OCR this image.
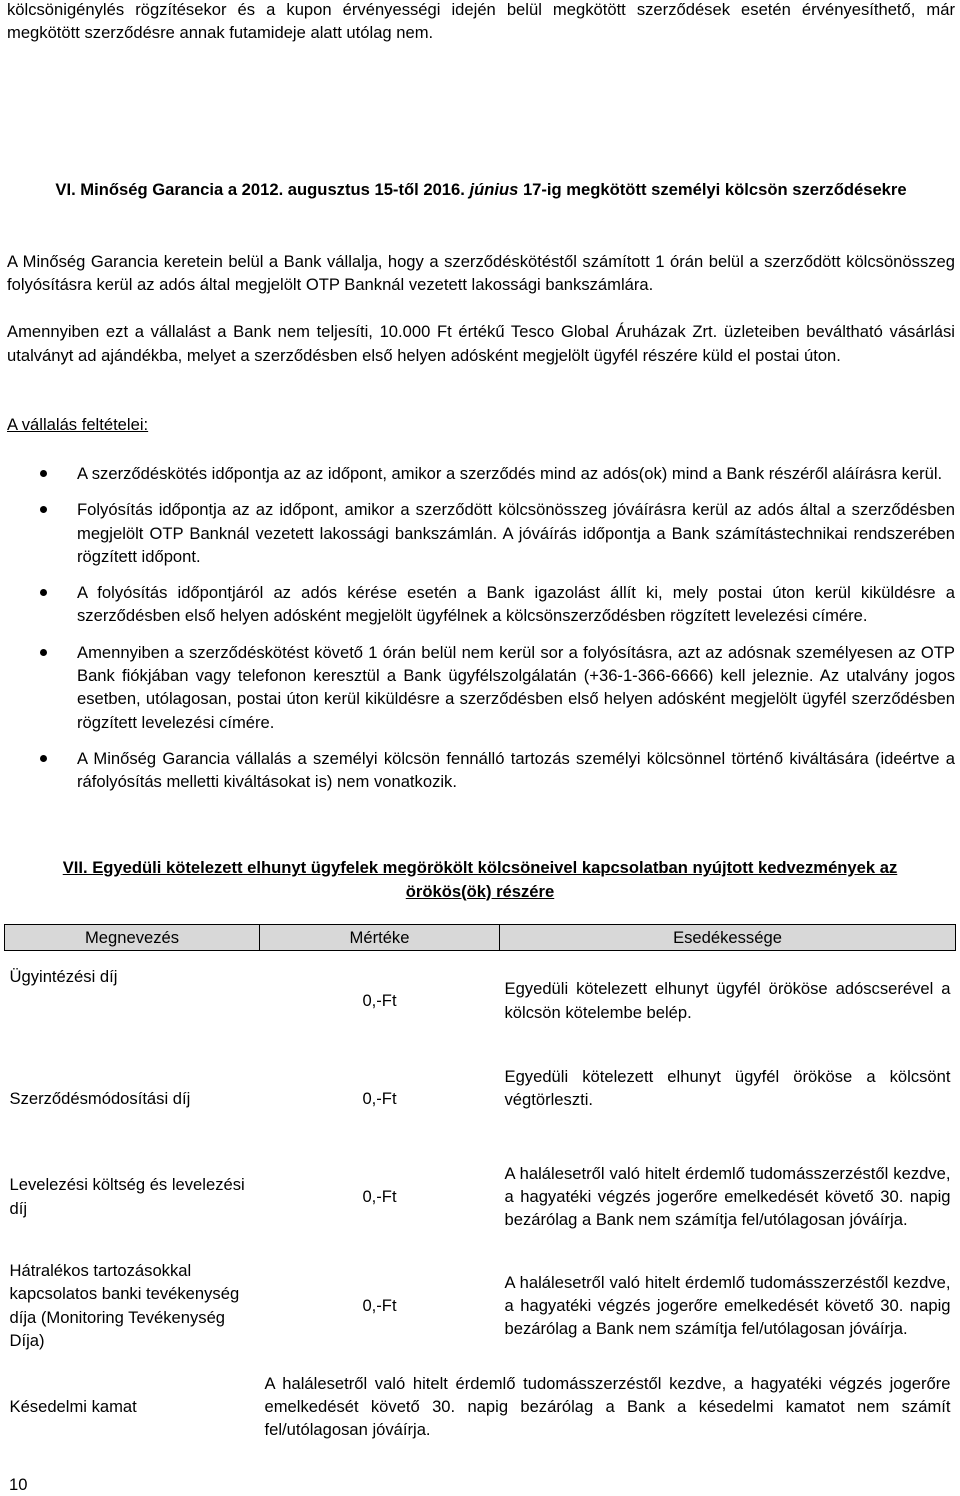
kölcsönigénylés rögzítésekor és a kupon érvényességi idején belül megkötött szerződések esetén érvényesíthető, már megkötött szerződésre annak futamideje alatt utólag nem.
VI. Minőség Garancia a 2012. augusztus 15-től 2016. június 17-ig megkötött személyi kölcsön szerződésekre
A Minőség Garancia keretein belül a Bank vállalja, hogy a szerződéskötéstől számított 1 órán belül a szerződött kölcsönösszeg folyósításra kerül az adós által megjelölt OTP Banknál vezetett lakossági bankszámlára.
Amennyiben ezt a vállalást a Bank nem teljesíti, 10.000 Ft értékű Tesco Global Áruházak Zrt. üzleteiben beváltható vásárlási utalványt ad ajándékba, melyet a szerződésben első helyen adósként megjelölt ügyfél részére küld el postai úton.
A vállalás feltételei:
A szerződéskötés időpontja az az időpont, amikor a szerződés mind az adós(ok) mind a Bank részéről aláírásra kerül.
Folyósítás időpontja az az időpont, amikor a szerződött kölcsönösszeg jóváírásra kerül az adós által a szerződésben megjelölt OTP Banknál vezetett lakossági bankszámlán. A jóváírás időpontja a Bank számítástechnikai rendszerében rögzített időpont.
A folyósítás időpontjáról az adós kérése esetén a Bank igazolást állít ki, mely postai úton kerül kiküldésre a szerződésben első helyen adósként megjelölt ügyfélnek a kölcsönszerződésben rögzített levelezési címére.
Amennyiben a szerződéskötést követő 1 órán belül nem kerül sor a folyósításra, azt az adósnak személyesen az OTP Bank fiókjában vagy telefonon keresztül a Bank ügyfélszolgálatán (+36-1-366-6666) kell jeleznie. Az utalvány jogos esetben, utólagosan, postai úton kerül kiküldésre a szerződésben első helyen adósként megjelölt ügyfél szerződésben rögzített levelezési címére.
A Minőség Garancia vállalás a személyi kölcsön fennálló tartozás személyi kölcsönnel történő kiváltására (ideértve a ráfolyósítás melletti kiváltásokat is) nem vonatkozik.
VII. Egyedüli kötelezett elhunyt ügyfelek megörökölt kölcsöneivel kapcsolatban nyújtott kedvezmények az örökös(ök) részére
Megnevezés	Mértéke	Esedékessége
Ügyintézési díj	0,-Ft	Egyedüli kötelezett elhunyt ügyfél örököse adóscserével a kölcsön kötelembe belép.
Szerződésmódosítási díj	0,-Ft	Egyedüli kötelezett elhunyt ügyfél örököse a kölcsönt végtörleszti.
Levelezési költség és levelezési díj	0,-Ft	A halálesetről való hitelt érdemlő tudomásszerzéstől kezdve, a hagyatéki végzés jogerőre emelkedését követő 30. napig bezárólag a Bank nem számítja fel/utólagosan jóváírja.
Hátralékos tartozásokkal kapcsolatos banki tevékenység díja (Monitoring Tevékenység Díja)	0,-Ft	A halálesetről való hitelt érdemlő tudomásszerzéstől kezdve, a hagyatéki végzés jogerőre emelkedését követő 30. napig bezárólag a Bank nem számítja fel/utólagosan jóváírja.
Késedelmi kamat	A halálesetről való hitelt érdemlő tudomásszerzéstől kezdve, a hagyatéki végzés jogerőre emelkedését követő 30. napig bezárólag a Bank a késedelmi kamatot nem számít fel/utólagosan jóváírja.	
10
